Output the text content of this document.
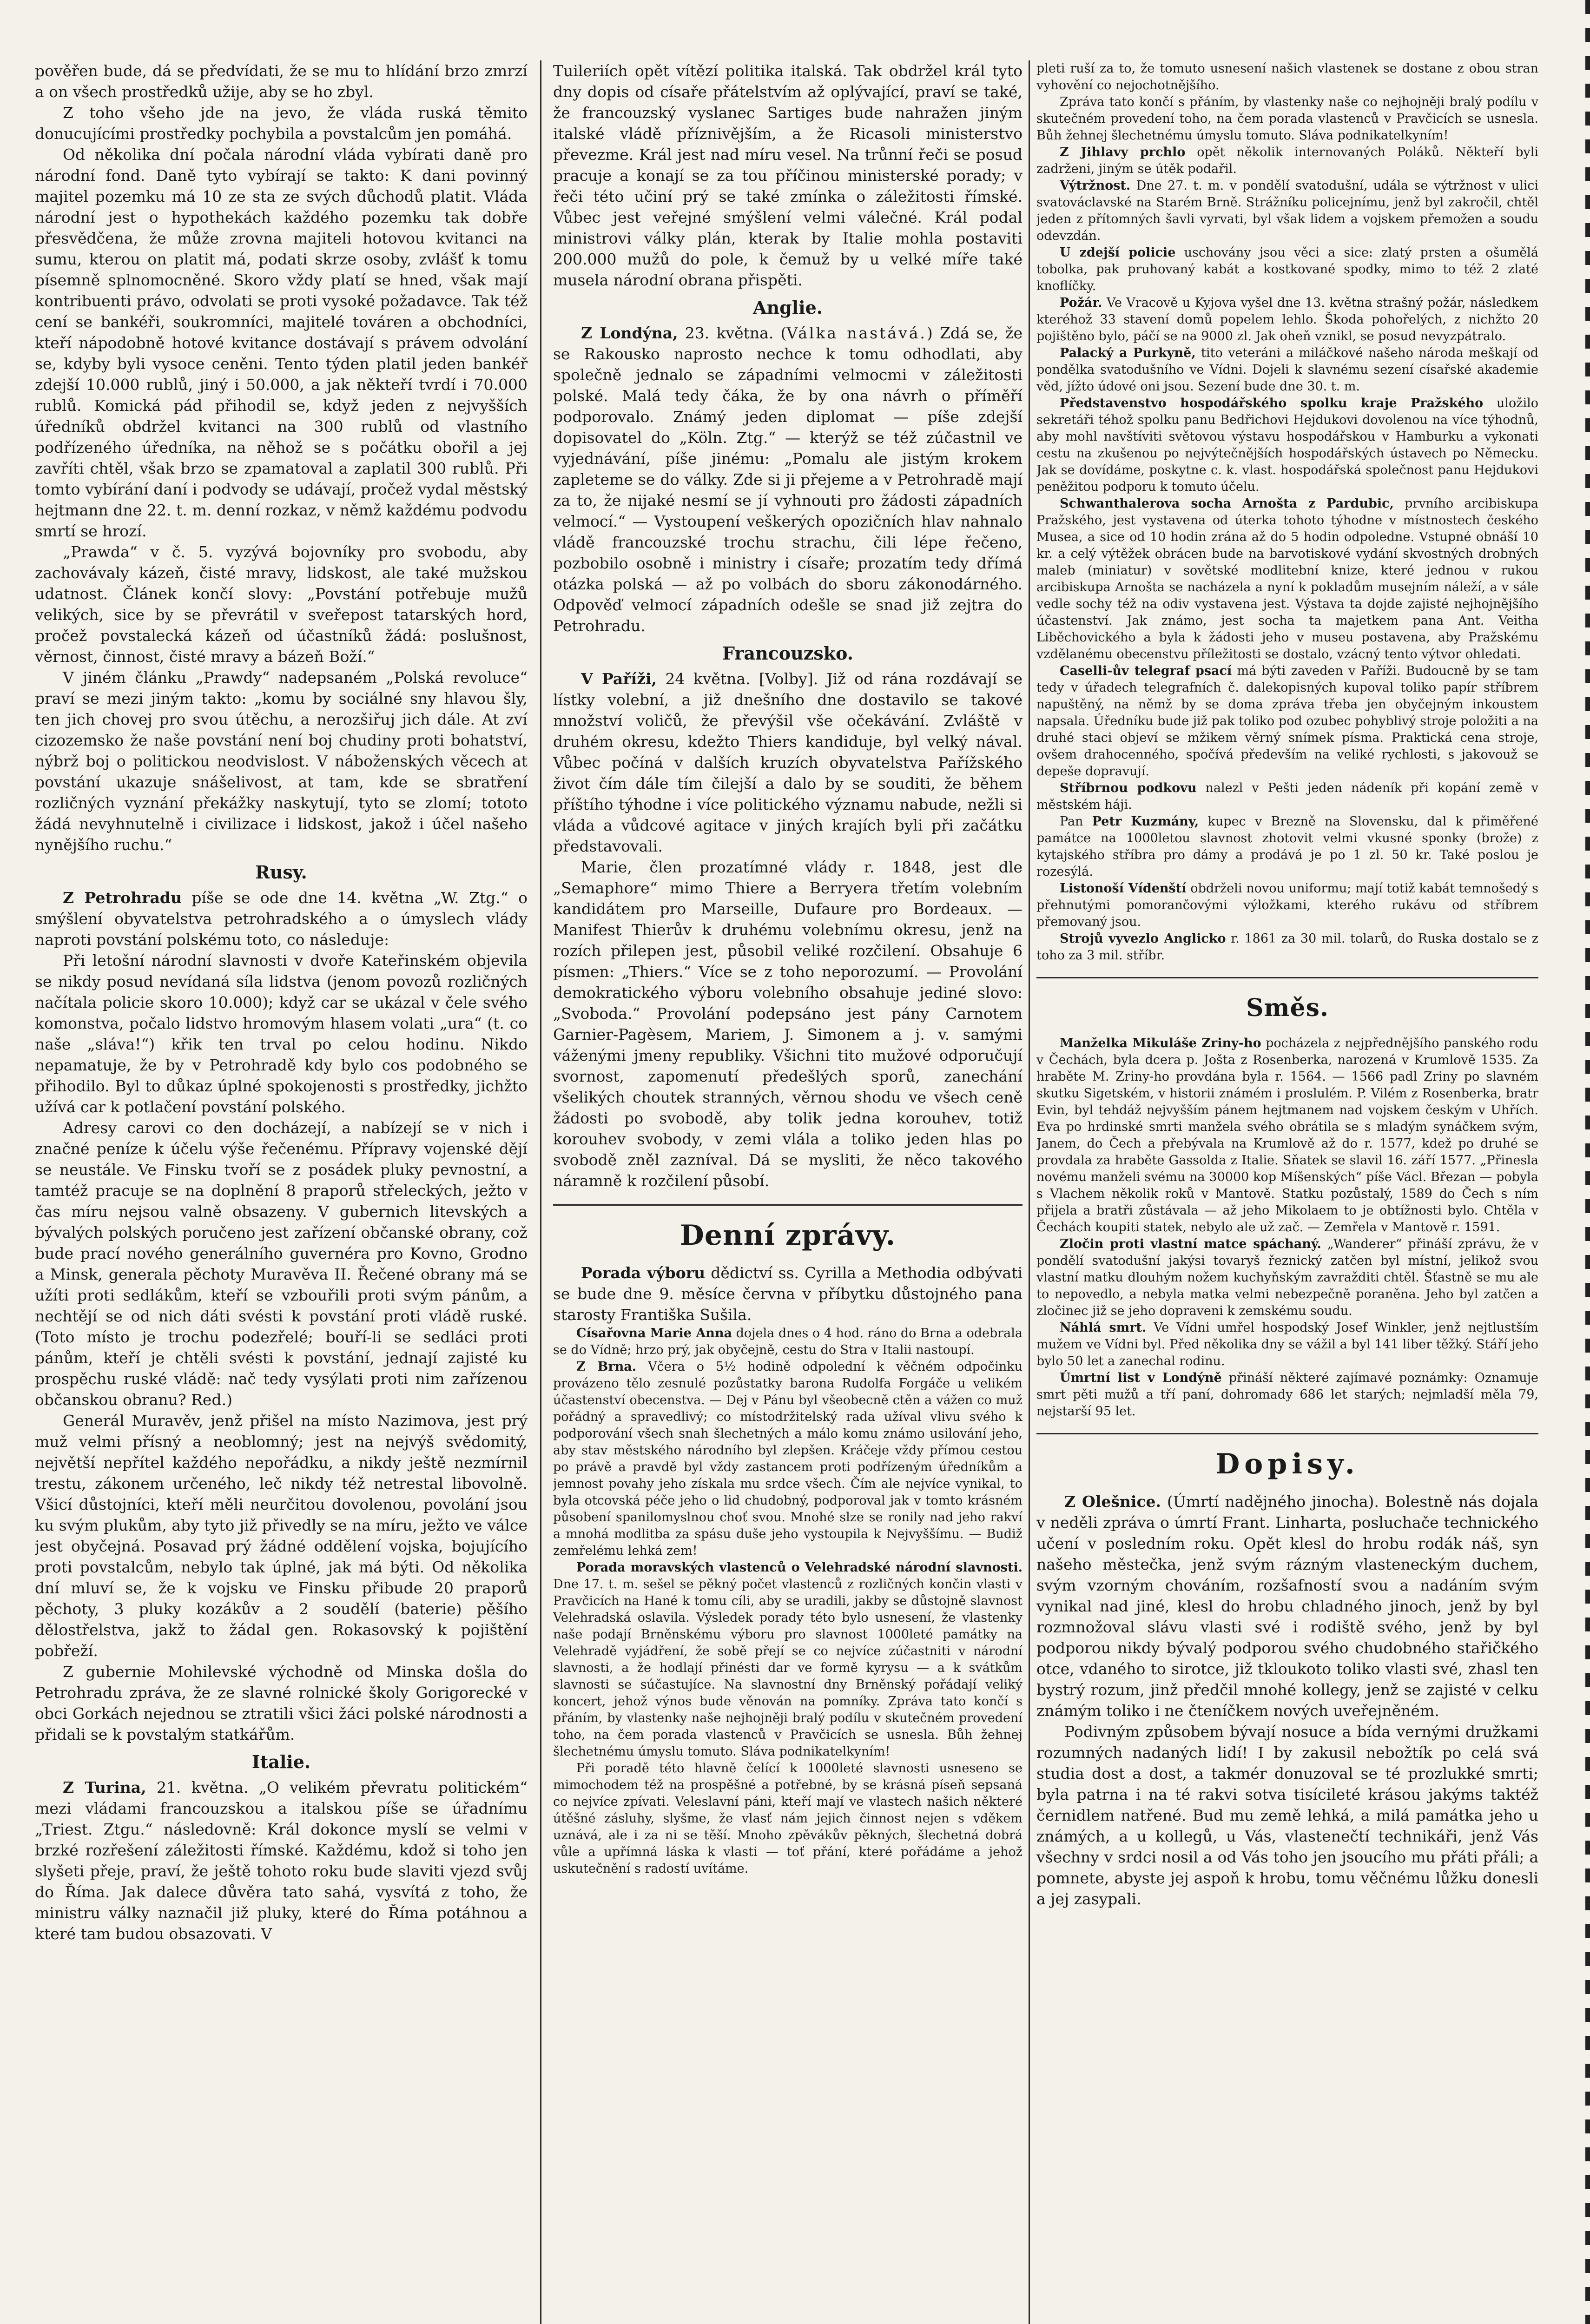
pověřen bude, dá se předvídati, že se mu to hlídání brzo zmrzí a on všech prostředků užije, aby se ho zbyl.

Z toho všeho jde na jevo, že vláda ruská těmito donucujícími prostředky pochybila a povstalcům jen pomáhá.

Od několika dní počala národní vláda vybírati daně pro národní fond. Daně tyto vybírají se takto: K dani povinný majitel pozemku má 10 ze sta ze svých důchodů platit. Vláda národní jest o hypothekách každého pozemku tak dobře přesvědčena, že může zrovna majiteli hotovou kvitanci na sumu, kterou on platit má, podati skrze osoby, zvlášť k tomu písemně splnomocněné. Skoro vždy platí se hned, však mají kontribuenti právo, odvolati se proti vysoké požadavce. Tak též cení se bankéři, soukromníci, majitelé továren a obchodníci, kteří nápodobně hotové kvitance dostávají s právem odvolání se, kdyby byli vysoce ceněni. Tento týden platil jeden bankéř zdejší 10.000 rublů, jiný i 50.000, a jak někteří tvrdí i 70.000 rublů. Komická pád přihodil se, když jeden z nejvyšších úředníků obdržel kvitanci na 300 rublů od vlastního podřízeného úředníka, na něhož se s počátku obořil a jej zavříti chtěl, však brzo se zpamatoval a zaplatil 300 rublů. Při tomto vybírání daní i podvody se udávají, pročež vydal městský hejtmann dne 22. t. m. denní rozkaz, v němž každému podvodu smrtí se hrozí.

„Prawda“ v č. 5. vyzývá bojovníky pro svobodu, aby zachovávaly kázeň, čisté mravy, lidskost, ale také mužskou udatnost. Článek končí slovy: „Povstání potřebuje mužů velikých, sice by se převrátil v sveřepost tatarských hord, pročež povstalecká kázeň od účastníků žádá: poslušnost, věrnost, činnost, čisté mravy a bázeň Boží.“

V jiném článku „Prawdy“ nadepsaném „Polská revoluce“ praví se mezi jiným takto: „komu by sociálné sny hlavou šly, ten jich chovej pro svou útěchu, a nerozšiřuj jich dále. At zví cizozemsko že naše povstání není boj chudiny proti bohatství, nýbrž boj o politickou neodvislost. V náboženských věcech at povstání ukazuje snášelivost, at tam, kde se sbratření rozličných vyznání překážky naskytují, tyto se zlomí; tototo žádá nevyhnutelně i civilizace i lidskost, jakož i účel našeho nynějšího ruchu.“

Rusy.

Z Petrohradu píše se ode dne 14. května „W. Ztg.“ o smýšlení obyvatelstva petrohradského a o úmyslech vlády naproti povstání polskému toto, co následuje:

Při letošní národní slavnosti v dvoře Kateřinském objevila se nikdy posud nevídaná síla lidstva (jenom povozů rozličných načítala policie skoro 10.000); když car se ukázal v čele svého komonstva, počalo lidstvo hromovým hlasem volati „ura“ (t. co naše „sláva!“) křik ten trval po celou hodinu. Nikdo nepamatuje, že by v Petrohradě kdy bylo cos podobného se přihodilo. Byl to důkaz úplné spokojenosti s prostředky, jichžto užívá car k potlačení povstání polského.

Adresy carovi co den docházejí, a nabízejí se v nich i značné peníze k účelu výše řečenému. Přípravy vojenské dějí se neustále. Ve Finsku tvoří se z posádek pluky pevnostní, a tamtéž pracuje se na doplnění 8 praporů střeleckých, ježto v čas míru nejsou valně obsazeny. V gubernich litevských a bývalých polských poručeno jest zařízení občanské obrany, což bude prací nového generálního guvernéra pro Kovno, Grodno a Minsk, generala pěchoty Muravěva II. Řečené obrany má se užíti proti sedlákům, kteří se vzbouřili proti svým pánům, a nechtějí se od nich dáti svésti k povstání proti vládě ruské. (Toto místo je trochu podezřelé; bouří-li se sedláci proti pánům, kteří je chtěli svésti k povstání, jednají zajisté ku prospěchu ruské vládě: nač tedy vysýlati proti nim zařízenou občanskou obranu? Red.)

Generál Muravěv, jenž přišel na místo Nazimova, jest prý muž velmi přísný a neoblomný; jest na nejvýš svědomitý, největší nepřítel každého nepořádku, a nikdy ještě nezmírnil trestu, zákonem určeného, leč nikdy též netrestal libovolně. Všicí důstojníci, kteří měli neurčitou dovolenou, povolání jsou ku svým plukům, aby tyto již přivedly se na míru, ježto ve válce jest obyčejná. Posavad prý žádné oddělení vojska, bojujícího proti povstalcům, nebylo tak úplné, jak má býti. Od několika dní mluví se, že k vojsku ve Finsku přibude 20 praporů pěchoty, 3 pluky kozákův a 2 soudělí (baterie) pěšího dělostřelstva, jakž to žádal gen. Rokasovský k pojištění pobřeží.

Z gubernie Mohilevské východně od Minska došla do Petrohradu zpráva, že ze slavné rolnické školy Gorigorecké v obci Gorkách nejednou se ztratili všici žáci polské národnosti a přidali se k povstalým statkářům.

Italie.

Z Turina, 21. května. „O velikém převratu politickém“ mezi vládami francouzskou a italskou píše se úřadnímu „Triest. Ztgu.“ následovně: Král dokonce myslí se velmi v brzké rozřešení záležitosti římské. Každému, kdož si toho jen slyšeti přeje, praví, že ještě tohoto roku bude slaviti vjezd svůj do Říma. Jak dalece důvěra tato sahá, vysvítá z toho, že ministru války naznačil již pluky, které do Říma potáhnou a které tam budou obsazovati. V

Tuileriích opět vítězí politika italská. Tak obdržel král tyto dny dopis od císaře přátelstvím až oplývající, praví se také, že francouzský vyslanec Sartiges bude nahražen jiným italské vládě příznivějším, a že Ricasoli ministerstvo převezme. Král jest nad míru vesel. Na trůnní řeči se posud pracuje a konají se za tou příčinou ministerské porady; v řeči této učiní prý se také zmínka o záležitosti římské. Vůbec jest veřejné smýšlení velmi válečné. Král podal ministrovi války plán, kterak by Italie mohla postaviti 200.000 mužů do pole, k čemuž by u velké míře také musela národní obrana přispěti.

Anglie.

Z Londýna, 23. května. (Válka nastává.) Zdá se, že se Rakousko naprosto nechce k tomu odhodlati, aby společně jednalo se západními velmocmi v záležitosti polské. Malá tedy čáka, že by ona návrh o příměří podporovalo. Známý jeden diplomat — píše zdejší dopisovatel do „Köln. Ztg.“ — kterýž se též zúčastnil ve vyjednávání, píše jinému: „Pomalu ale jistým krokem zapleteme se do války. Zde si ji přejeme a v Petrohradě mají za to, že nijaké nesmí se jí vyhnouti pro žádosti západních velmocí.“ — Vystoupení veškerých opozičních hlav nahnalo vládě francouzské trochu strachu, čili lépe řečeno, pozbobilo osobně i ministry i císaře; prozatím tedy dřímá otázka polská — až po volbách do sboru zákonodárného. Odpověď velmocí západních odešle se snad již zejtra do Petrohradu.

Francouzsko.

V Paříži, 24 května. [Volby]. Již od rána rozdávají se lístky volební, a již dnešního dne dostavilo se takové množství voličů, že převýšil vše očekávání. Zvláště v druhém okresu, kdežto Thiers kandiduje, byl velký nával. Vůbec počíná v dalších kruzích obyvatelstva Pařížského život čím dále tím čilejší a dalo by se souditi, že během příštího týhodne i více politického významu nabude, nežli si vláda a vůdcové agitace v jiných krajích byli při začátku představovali.

Marie, člen prozatímné vlády r. 1848, jest dle „Semaphore“ mimo Thiere a Berryera třetím volebním kandidátem pro Marseille, Dufaure pro Bordeaux. — Manifest Thierův k druhému volebnímu okresu, jenž na rozích přilepen jest, působil veliké rozčilení. Obsahuje 6 písmen: „Thiers.“ Více se z toho neporozumí. — Provolání demokratického výboru volebního obsahuje jediné slovo: „Svoboda.“ Provolání podepsáno jest pány Carnotem Garnier-Pagèsem, Mariem, J. Simonem a j. v. samými váženými jmeny republiky. Všichni tito mužové odporučují svornost, zapomenutí předešlých sporů, zanechání všelikých choutek stranných, věrnou shodu ve všech ceně žádosti po svobodě, aby tolik jedna korouhev, totiž korouhev svobody, v zemi vlála a toliko jeden hlas po svobodě zněl zazníval. Dá se mysliti, že něco takového náramně k rozčilení působí.

Denní zprávy.

Porada výboru dědictví ss. Cyrilla a Methodia odbývati se bude dne 9. měsíce června v příbytku důstojného pana starosty Františka Sušila.

Císařovna Marie Anna dojela dnes o 4 hod. ráno do Brna a odebrala se do Vídně; hrzo prý, jak obyčejně, cestu do Stra v Italii nastoupí.

Z Brna. Včera o 5½ hodině odpolední k věčném odpočinku provázeno tělo zesnulé pozůstatky barona Rudolfa Forgáče u velikém účastenství obecenstva. — Dej v Pánu byl všeobecně ctěn a vážen co muž pořádný a spravedlivý; co místodržitelský rada užíval vlivu svého k podporování všech snah šlechetných a málo komu známo usilování jeho, aby stav městského národního byl zlepšen. Kráčeje vždy přímou cestou po právě a pravdě byl vždy zastancem proti podřízeným úředníkům a jemnost povahy jeho získala mu srdce všech. Čím ale nejvíce vynikal, to byla otcovská péče jeho o lid chudobný, podporoval jak v tomto krásném působení spanilomyslnou choť svou. Mnohé slze se ronily nad jeho rakví a mnohá modlitba za spásu duše jeho vystoupila k Nejvyššímu. — Budiž zemřelému lehká zem!

Porada moravských vlastenců o Velehradské národní slavnosti. Dne 17. t. m. sešel se pěkný počet vlastenců z rozličných končin vlasti v Pravčicích na Hané k tomu cíli, aby se uradili, jakby se důstojně slavnost Velehradská oslavila. Výsledek porady této bylo usnesení, že vlastenky naše podají Brněnskému výboru pro slavnost 1000leté památky na Velehradě vyjádření, že sobě přejí se co nejvíce zúčastniti v národní slavnosti, a že hodlají přinésti dar ve formě kyrysu — a k svátkům slavnosti se súčastujíce. Na slavnostní dny Brněnský pořádají veliký koncert, jehož výnos bude věnován na pomníky. Zpráva tato končí s přáním, by vlastenky naše nejhojněji bralý podílu v skutečném provedení toho, na čem porada vlastenců v Pravčicích se usnesla. Bůh žehnej šlechetnému úmyslu tomuto. Sláva podnikatelkyním!

Při poradě této hlavně čelící k 1000leté slavnosti usneseno se mimochodem též na prospěšné a potřebné, by se krásná píseň sepsaná co nejvíce zpívati. Veleslavní páni, kteří mají ve vlastech našich některé útěšné zásluhy, slyšme, že vlasť nám jejich činnost nejen s vděkem uznává, ale i za ni se těší. Mnoho zpěvákův pěkných, šlechetná dobrá vůle a upřímná láska k vlasti — toť přání, které pořádáme a jehož uskutečnění s radostí uvítáme.

pleti ruší za to, že tomuto usnesení našich vlastenek se dostane z obou stran vyhovění co nejochotnějšího.

Zpráva tato končí s přáním, by vlastenky naše co nejhojněji bralý podílu v skutečném provedení toho, na čem porada vlastenců v Pravčicích se usnesla. Bůh žehnej šlechetnému úmyslu tomuto. Sláva podnikatelkyním!

Z Jihlavy prchlo opět několik internovaných Poláků. Někteří byli zadrženi, jiným se útěk podařil.

Výtržnost. Dne 27. t. m. v pondělí svatodušní, udála se výtržnost v ulici svatováclavské na Starém Brně. Strážníku policejnímu, jenž byl zakročil, chtěl jeden z přítomných šavli vyrvati, byl však lidem a vojskem přemožen a soudu odevzdán.

U zdejší policie uschovány jsou věci a sice: zlatý prsten a ošumělá tobolka, pak pruhovaný kabát a kostkované spodky, mimo to též 2 zlaté knoflíčky.

Požár. Ve Vracově u Kyjova vyšel dne 13. května strašný požár, následkem kteréhož 33 stavení domů popelem lehlo. Škoda pohořelých, z nichžto 20 pojištěno bylo, páčí se na 9000 zl. Jak oheň vznikl, se posud nevyzpátralo.

Palacký a Purkyně, tito veteráni a miláčkové našeho národa meškají od pondělka svatodušního ve Vídni. Dojeli k slavnému sezení císařské akademie věd, jížto údové oni jsou. Sezení bude dne 30. t. m.

Představenstvo hospodářského spolku kraje Pražského uložilo sekretáři téhož spolku panu Bedřichovi Hejdukovi dovolenou na více týhodnů, aby mohl navštíviti světovou výstavu hospodářskou v Hamburku a vykonati cestu na zkušenou po nejvýtečnějších hospodářských ústavech po Německu. Jak se dovídáme, poskytne c. k. vlast. hospodářská společnost panu Hejdukovi peněžitou podporu k tomuto účelu.

Schwanthalerova socha Arnošta z Pardubic, prvního arcibiskupa Pražského, jest vystavena od úterka tohoto týhodne v místnostech českého Musea, a sice od 10 hodin zrána až do 5 hodin odpoledne. Vstupné obnáší 10 kr. a celý výtěžek obrácen bude na barvotiskové vydání skvostných drobných maleb (miniatur) v sovětské modlitební knize, které jednou v rukou arcibiskupa Arnošta se nacházela a nyní k pokladům musejním náleží, a v sále vedle sochy též na odiv vystavena jest. Výstava ta dojde zajisté nejhojnějšího účastenství. Jak známo, jest socha ta majetkem pana Ant. Veitha Liběchovického a byla k žádosti jeho v museu postavena, aby Pražskému vzdělanému obecenstvu příležitosti se dostalo, vzácný tento výtvor ohledati.

Caselli-ův telegraf psací má býti zaveden v Paříži. Budoucně by se tam tedy v úřadech telegrafních č. dalekopisných kupoval toliko papír stříbrem napuštěný, na němž by se doma zpráva třeba jen obyčejným inkoustem napsala. Úředníku bude již pak toliko pod ozubec pohyblivý stroje položiti a na druhé staci objeví se mžikem věrný snímek písma. Praktická cena stroje, ovšem drahocenného, spočívá především na veliké rychlosti, s jakovouž se depeše dopravují.

Stříbrnou podkovu nalezl v Pešti jeden nádeník při kopání země v městském háji.

Pan Petr Kuzmány, kupec v Brezně na Slovensku, dal k přiměřené památce na 1000letou slavnost zhotovit velmi vkusné sponky (brože) z kytajského stříbra pro dámy a prodává je po 1 zl. 50 kr. Také poslou je rozesýlá.

Listonoší Vídenští obdrželi novou uniformu; mají totiž kabát temnošedý s přehnutými pomorančovými výložkami, kterého rukávu od stříbrem přemovaný jsou.

Strojů vyvezlo Anglicko r. 1861 za 30 mil. tolarů, do Ruska dostalo se z toho za 3 mil. stříbr.

Směs.

Manželka Mikuláše Zriny-ho pocházela z nejpřednějšího panského rodu v Čechách, byla dcera p. Jošta z Rosenberka, narozená v Krumlově 1535. Za hraběte M. Zriny-ho provdána byla r. 1564. — 1566 padl Zriny po slavném skutku Sigetském, v historii známém i proslulém. P. Vilém z Rosenberka, bratr Evin, byl tehdáž nejvyšším pánem hejtmanem nad vojskem českým v Uhřích. Eva po hrdinské smrti manžela svého obrátila se s mladým synáčkem svým, Janem, do Čech a přebývala na Krumlově až do r. 1577, kdež po druhé se provdala za hraběte Gassolda z Italie. Sňatek se slavil 16. září 1577. „Přinesla novému manželi svému na 30000 kop Míšenských“ píše Václ. Březan — pobyla s Vlachem několik roků v Mantově. Statku pozůstalý, 1589 do Čech s ním přijela a bratři zůstávala — až jeho Mikolaem to je obtížnosti bylo. Chtěla v Čechách koupiti statek, nebylo ale už zač. — Zemřela v Mantově r. 1591.

Zločin proti vlastní matce spáchaný. „Wanderer“ přináší zprávu, že v pondělí svatodušní jakýsi tovaryš řeznický zatčen byl místní, jelikož svou vlastní matku dlouhým nožem kuchyňským zavražditi chtěl. Šťastně se mu ale to nepovedlo, a nebyla matka velmi nebezpečně poraněna. Jeho byl zatčen a zločinec již se jeho dopraveni k zemskému soudu.

Náhlá smrt. Ve Vídni umřel hospodský Josef Winkler, jenž nejtlustším mužem ve Vídni byl. Před několika dny se vážil a byl 141 liber těžký. Stáří jeho bylo 50 let a zanechal rodinu.

Úmrtní list v Londýně přináší některé zajímavé poznámky: Oznamuje smrt pěti mužů a tří paní, dohromady 686 let starých; nejmladší měla 79, nejstarší 95 let.

Dopisy.

Z Olešnice. (Úmrtí nadějného jinocha). Bolestně nás dojala v neděli zpráva o úmrtí Frant. Linharta, posluchače technického učení v posledním roku. Opět klesl do hrobu rodák náš, syn našeho městečka, jenž svým rázným vlasteneckým duchem, svým vzorným chováním, rozšafností svou a nadáním svým vynikal nad jiné, klesl do hrobu chladného jinoch, jenž by byl rozmnožoval slávu vlasti své i rodiště svého, jenž by byl podporou nikdy bývalý podporou svého chudobného stařičkého otce, vdaného to sirotce, již tkloukoto toliko vlasti své, zhasl ten bystrý rozum, jinž předčil mnohé kollegy, jenž se zajisté v celku známým toliko i ne čteníčkem nových uveřejněném.

Podivným způsobem bývají nosuce a bída vernými družkami rozumných nadaných lidí! I by zakusil nebožtík po celá svá studia dost a dost, a takmér donuzoval se té prozlukké smrti; byla patrna i na té rakvi sotva tisícileté krásou jakýms taktéž černidlem natřené. Bud mu země lehká, a milá památka jeho u známých, a u kollegů, u Vás, vlastenečtí technikáři, jenž Vás všechny v srdci nosil a od Vás toho jen jsoucího mu přáti přáli; a pomnete, abyste jej aspoň k hrobu, tomu věčnému lůžku donesli a jej zasypali.
